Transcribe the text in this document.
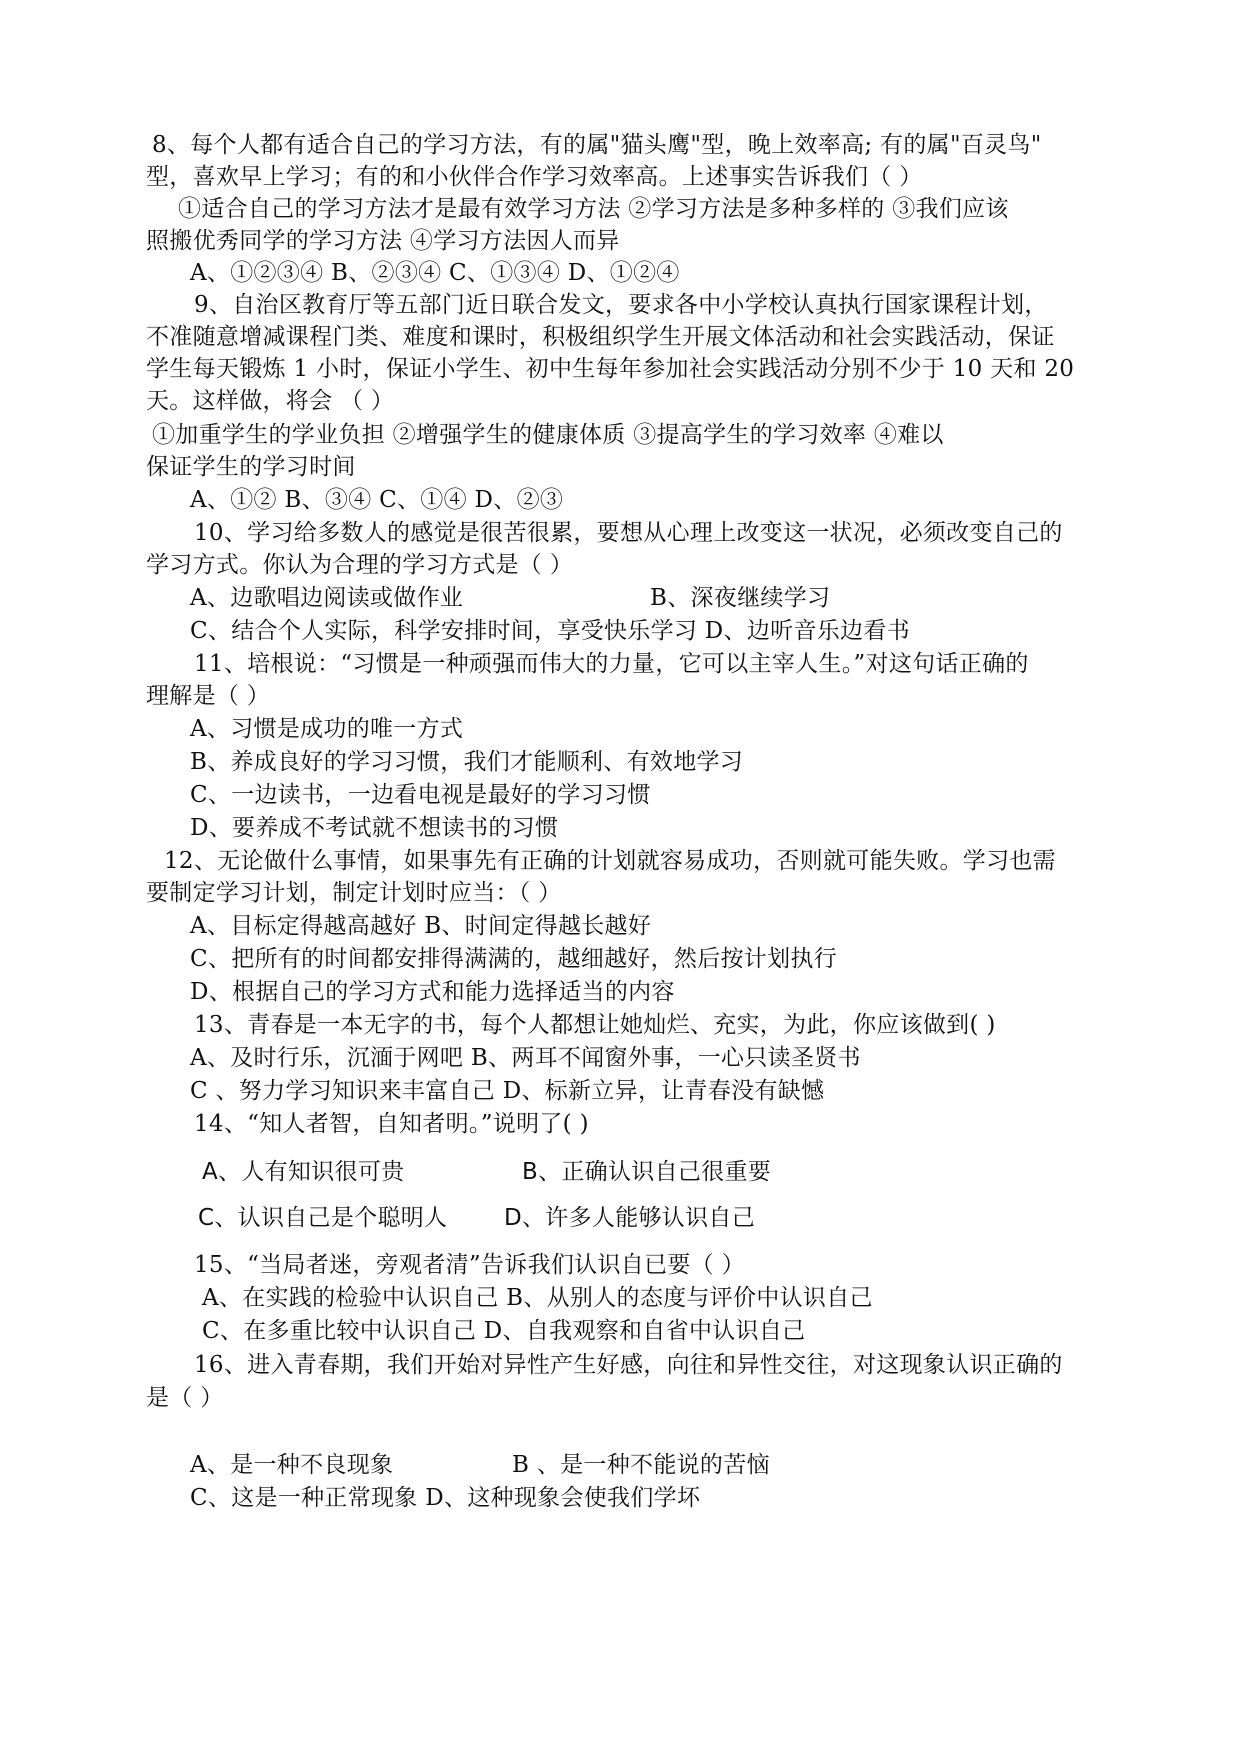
8、每个人都有适合自己的学习方法，有的属"猫头鹰"型，晚上效率高; 有的属"百灵鸟"
型，喜欢早上学习；有的和小伙伴合作学习效率高。上述事实告诉我们（ ）
①适合自己的学习方法才是最有效学习方法 ②学习方法是多种多样的 ③我们应该
照搬优秀同学的学习方法 ④学习方法因人而异
A、①②③④ B、②③④ C、①③④ D、①②④
9、自治区教育厅等五部门近日联合发文，要求各中小学校认真执行国家课程计划，
不准随意增减课程门类、难度和课时，积极组织学生开展文体活动和社会实践活动，保证
学生每天锻炼 1 小时，保证小学生、初中生每年参加社会实践活动分别不少于 10 天和 20
天。这样做，将会 （ ）
①加重学生的学业负担 ②增强学生的健康体质 ③提高学生的学习效率 ④难以
保证学生的学习时间
A、①② B、③④ C、①④ D、②③
10、学习给多数人的感觉是很苦很累，要想从心理上改变这一状况，必须改变自己的
学习方式。你认为合理的学习方式是（ ）
A、边歌唱边阅读或做作业	B、深夜继续学习
C、结合个人实际，科学安排时间，享受快乐学习 D、边听音乐边看书
11、培根说：“习惯是一种顽强而伟大的力量，它可以主宰人生。”对这句话正确的
理解是（ ）
A、习惯是成功的唯一方式
B、养成良好的学习习惯，我们才能顺利、有效地学习
C、一边读书，一边看电视是最好的学习习惯
D、要养成不考试就不想读书的习惯
12、无论做什么事情，如果事先有正确的计划就容易成功，否则就可能失败。学习也需
要制定学习计划，制定计划时应当：（ ）
A、目标定得越高越好 B、时间定得越长越好
C、把所有的时间都安排得满满的，越细越好，然后按计划执行
D、根据自己的学习方式和能力选择适当的内容
13、青春是一本无字的书，每个人都想让她灿烂、充实，为此，你应该做到( )
A、及时行乐，沉湎于网吧 B、两耳不闻窗外事，一心只读圣贤书
C 、努力学习知识来丰富自己 D、标新立异，让青春没有缺憾
14、“知人者智，自知者明。”说明了( )
A、人有知识很可贵	B、正确认识自己很重要
C、认识自己是个聪明人 D、许多人能够认识自己
15、“当局者迷，旁观者清”告诉我们认识自已要（ ）
A、在实践的检验中认识自己 B、从别人的态度与评价中认识自己
C、在多重比较中认识自己 D、自我观察和自省中认识自己
16、进入青春期，我们开始对异性产生好感，向往和异性交往，对这现象认识正确的
是（ ）
A、是一种不良现象	B 、是一种不能说的苦恼
C、这是一种正常现象 D、这种现象会使我们学坏
